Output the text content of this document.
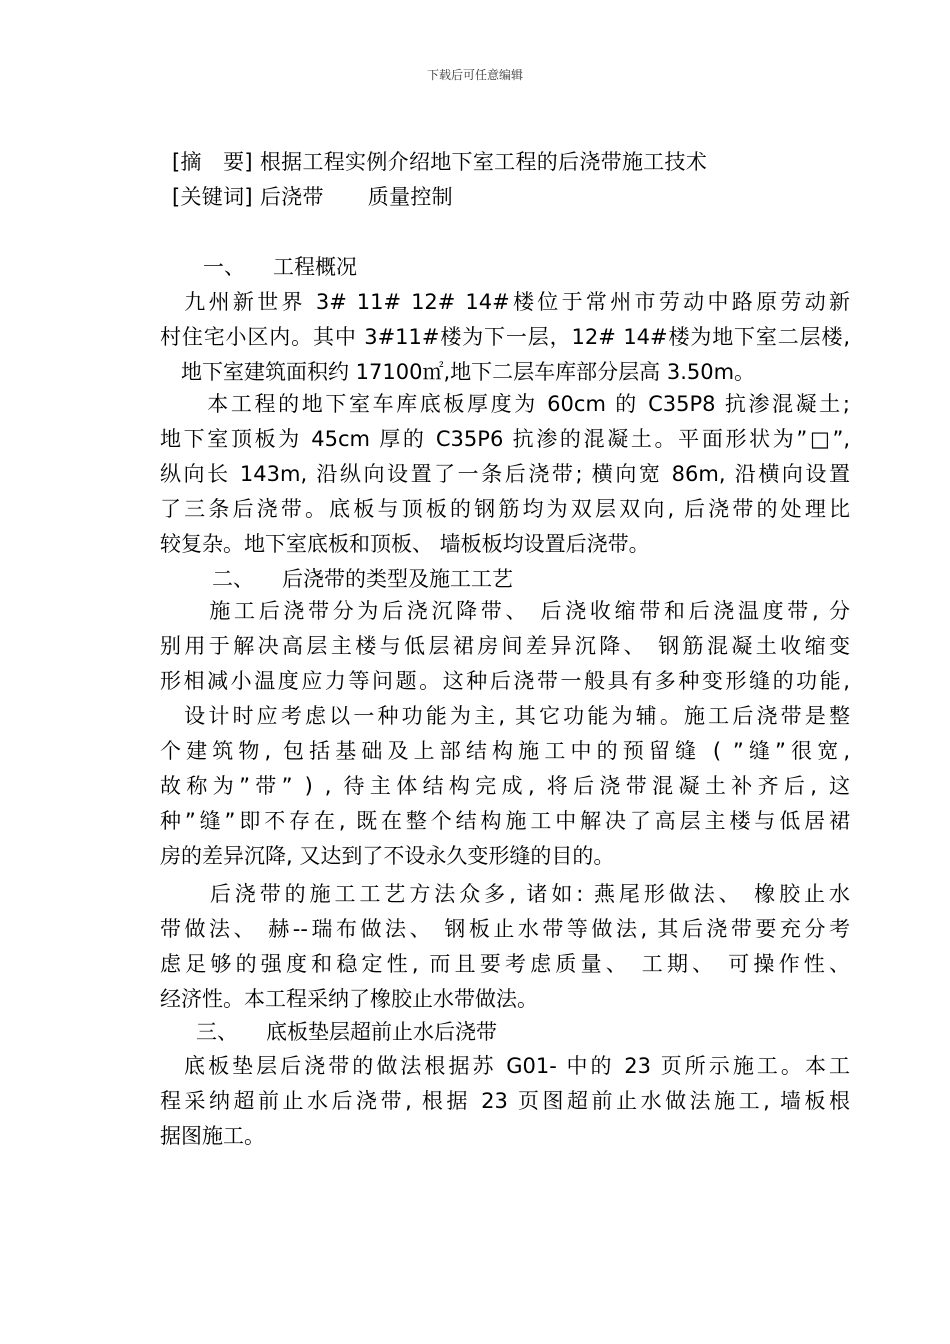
下载后可任意编辑
[摘　要] 根据工程实例介绍地下室工程的后浇带施工技术
[关键词] 后浇带 质量控制
一、 工程概况
　九州新世界 3# 11# 12# 14#楼位于常州市劳动中路原劳动新
村住宅小区内。其中 3#11#楼为下一层，12# 14#楼为地下室二层楼,
　地下室建筑面积约 17100㎡,地下二层车库部分层高 3.50m。
　　本工程的地下室车库底板厚度为 60cm 的 C35P8 抗渗混凝土;
地下室顶板为 45cm 厚的 C35P6 抗渗的混凝土。平面形状为”□”,
纵向长 143m, 沿纵向设置了一条后浇带; 横向宽 86m, 沿横向设置
了三条后浇带。底板与顶板的钢筋均为双层双向, 后浇带的处理比
较复杂。地下室底板和顶板、 墙板板均设置后浇带。
二、 后浇带的类型及施工工艺
　　施工后浇带分为后浇沉降带、 后浇收缩带和后浇温度带, 分
别用于解决高层主楼与低层裙房间差异沉降、 钢筋混凝土收缩变
形相减小温度应力等问题。这种后浇带一般具有多种变形缝的功能,
　设计时应考虑以一种功能为主, 其它功能为辅。施工后浇带是整
个建筑物, 包括基础及上部结构施工中的预留缝 ( ”缝”很宽,
故称为”带” ) , 待主体结构完成, 将后浇带混凝土补齐后, 这
种”缝”即不存在, 既在整个结构施工中解决了高层主楼与低居裙
房的差异沉降, 又达到了不设永久变形缝的目的。
　　后浇带的施工工艺方法众多, 诸如: 燕尾形做法、 橡胶止水
带做法、 赫--瑞布做法、 钢板止水带等做法, 其后浇带要充分考
虑足够的强度和稳定性, 而且要考虑质量、 工期、 可操作性、
经济性。本工程采纳了橡胶止水带做法。
三、 底板垫层超前止水后浇带
　底板垫层后浇带的做法根据苏 G01- 中的 23 页所示施工。本工
程采纳超前止水后浇带, 根据 23 页图超前止水做法施工, 墙板根
据图施工。
